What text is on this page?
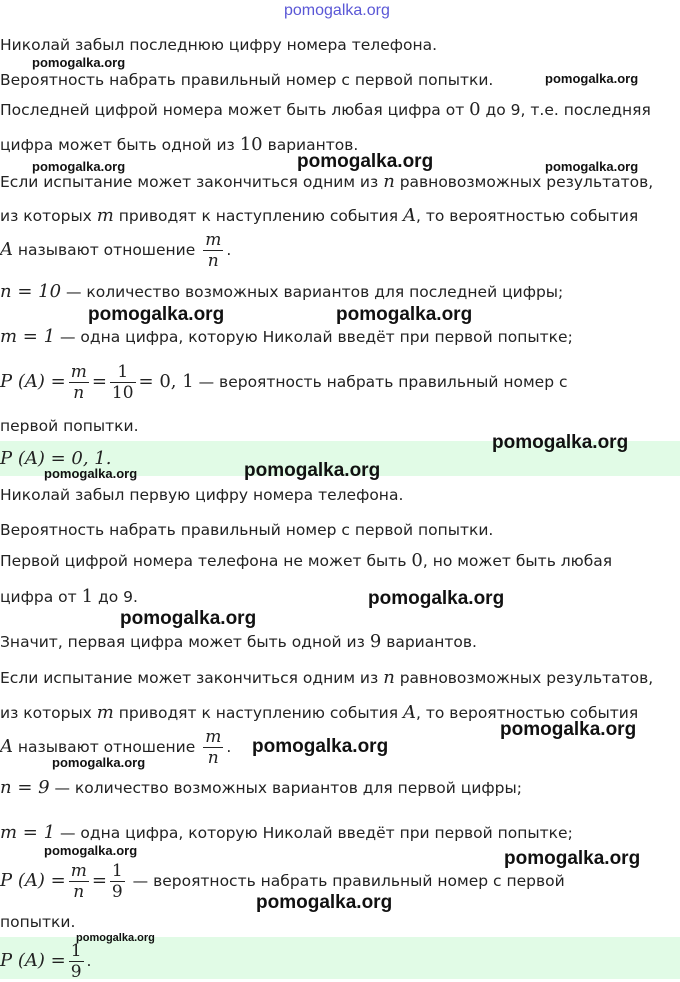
pomogalka.org
Николай забыл последнюю цифру номера телефона.
Вероятность набрать правильный номер с первой попытки.
Последней цифрой номера может быть любая цифра от 0 до 9, т.е. последняя
цифра может быть одной из 10 вариантов.
Если испытание может закончиться одним из n равновозможных результатов,
из которых m приводят к наступлению события A, то вероятностью события
A называют отношение $\frac{m}{n}$ .
n = 10 — количество возможных вариантов для последней цифры;
m = 1 — одна цифра, которую Николай введёт при первой попытке;
P $(A) = \frac{m}{n} = \frac{1}{10} = 0$, 1 — вероятность набрать правильный номер с
первой попытки.
P (A) = 0, 1.
Николай забыл первую цифру номера телефона.
Вероятность набрать правильный номер с первой попытки.
Первой цифрой номера телефона не может быть 0, но может быть любая
цифра от 1 до 9.
Значит, первая цифра может быть одной из 9 вариантов.
Если испытание может закончиться одним из n равновозможных результатов,
из которых m приводят к наступлению события A, то вероятностью события
A называют отношение $\frac{m}{n}$ .
n = 9 — количество возможных вариантов для первой цифры;
m = 1 — одна цифра, которую Николай введёт при первой попытке;
P $(A) = \frac{m}{n} = \frac{1}{9}$ — вероятность набрать правильный номер с первой
попытки.
P $(A) = \frac{1}{9}$ .
pomogalka.org
pomogalka.org
pomogalka.org	pomogalka.org	pomogalka.org
pomogalka.org	pomogalka.org
pomogalka.org
pomogalka.org	pomogalka.org
pomogalka.org
pomogalka.org
pomogalka.org
pomogalka.org
pomogalka.org
pomogalka.org	pomogalka.org
pomogalka.org
pomogalka.org
